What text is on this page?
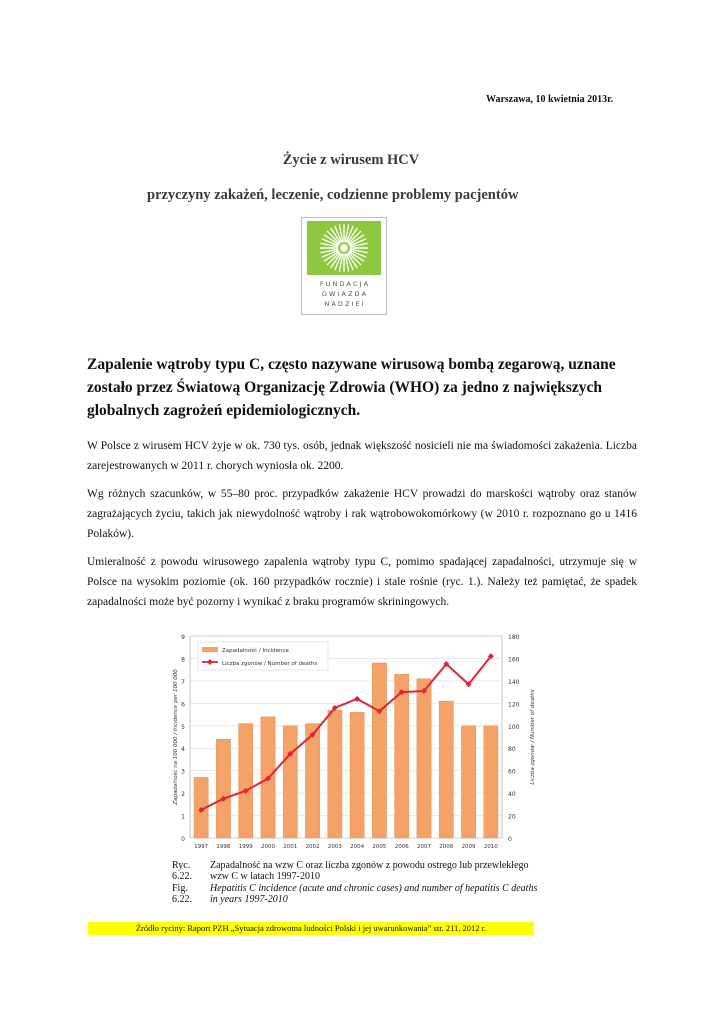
Warszawa, 10 kwietnia 2013r.
Życie z wirusem HCV
przyczyny zakażeń, leczenie, codzienne problemy pacjentów
F U N D A C J A
G W I A Z D A
N A D Z I E I
Zapalenie wątroby typu C, często nazywane wirusową bombą zegarową, uznane zostało przez Światową Organizację Zdrowia (WHO) za jedno z największych globalnych zagrożeń epidemiologicznych.
W Polsce z wirusem HCV żyje w ok. 730 tys. osób, jednak większość nosicieli nie ma świadomości zakażenia. Liczba zarejestrowanych w 2011 r. chorych wyniosła ok. 2200.
Wg różnych szacunków, w 55–80 proc. przypadków zakażenie HCV prowadzi do marskości wątroby oraz stanów zagrażających życiu, takich jak niewydolność wątroby i rak wątrobowokomórkowy (w 2010 r. rozpoznano go u 1416 Polaków).
Umieralność z powodu wirusowego zapalenia wątroby typu C, pomimo spadającej zapadalności, utrzymuje się w Polsce na wysokim poziomie (ok. 160 przypadków rocznie) i stale rośnie (ryc. 1.). Należy też pamiętać, że spadek zapadalności może być pozorny i wynikać z braku programów skriningowych.
0
1
2
3
4
5
6
7
8
9
0
20
40
60
80
100
120
140
160
180
Zapadalność na 100 000 / Incidence per 100 000	Liczba zgonów / Number of deaths
1997 1998 1999 2000 2001 2002 2003 2004 2005 2006 2007 2008 2009 2010
Zapadalność / Incidence
Liczba zgonów / Number of deaths
Ryc. 6.22.
Zapadalność na wzw C oraz liczba zgonów z powodu ostrego lub przewlekłego wzw C w latach 1997-2010
Fig. 6.22.
Hepatitis C incidence (acute and chronic cases) and number of hepatitis C deaths in years 1997-2010
Źródło ryciny: Raport PZH „Sytuacja zdrowotna ludności Polski i jej uwarunkowania” str. 211, 2012 r.
